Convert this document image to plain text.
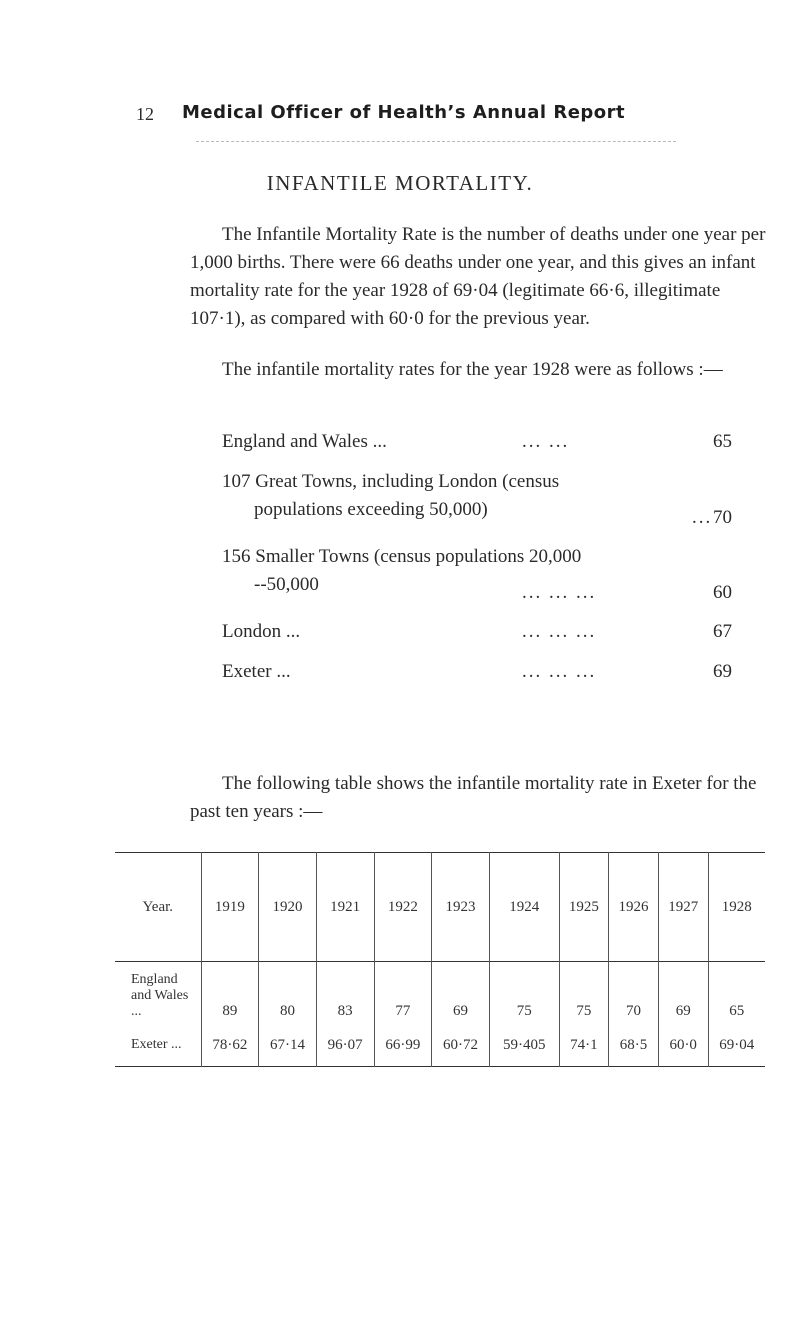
12 Medical Officer of Health’s Annual Report
INFANTILE MORTALITY.

The Infantile Mortality Rate is the number of deaths under one year per 1,000 births. There were 66 deaths under one year, and this gives an infant mortality rate for the year 1928 of 69·04 (legitimate 66·6, illegitimate 107·1), as compared with 60·0 for the previous year.

The infantile mortality rates for the year 1928 were as follows :—

England and Wales ...	... ...	65
107 Great Towns, including London (census
populations exceeding 50,000)	... 70
156 Smaller Towns (census populations 20,000
--50,000	... ... ...	60
London ...	... ... ...	67
Exeter ...	... ... ...	69

The following table shows the infantile mortality rate in Exeter for the past ten years :—

Year.	1919	1920	1921	1922	1923	1924	1925	1926	1927	1928
England
and Wales ...	89	80	83	77	69	75	75	70	69	65
Exeter ...	78·62	67·14	96·07	66·99	60·72	59·405	74·1	68·5	60·0	69·04
